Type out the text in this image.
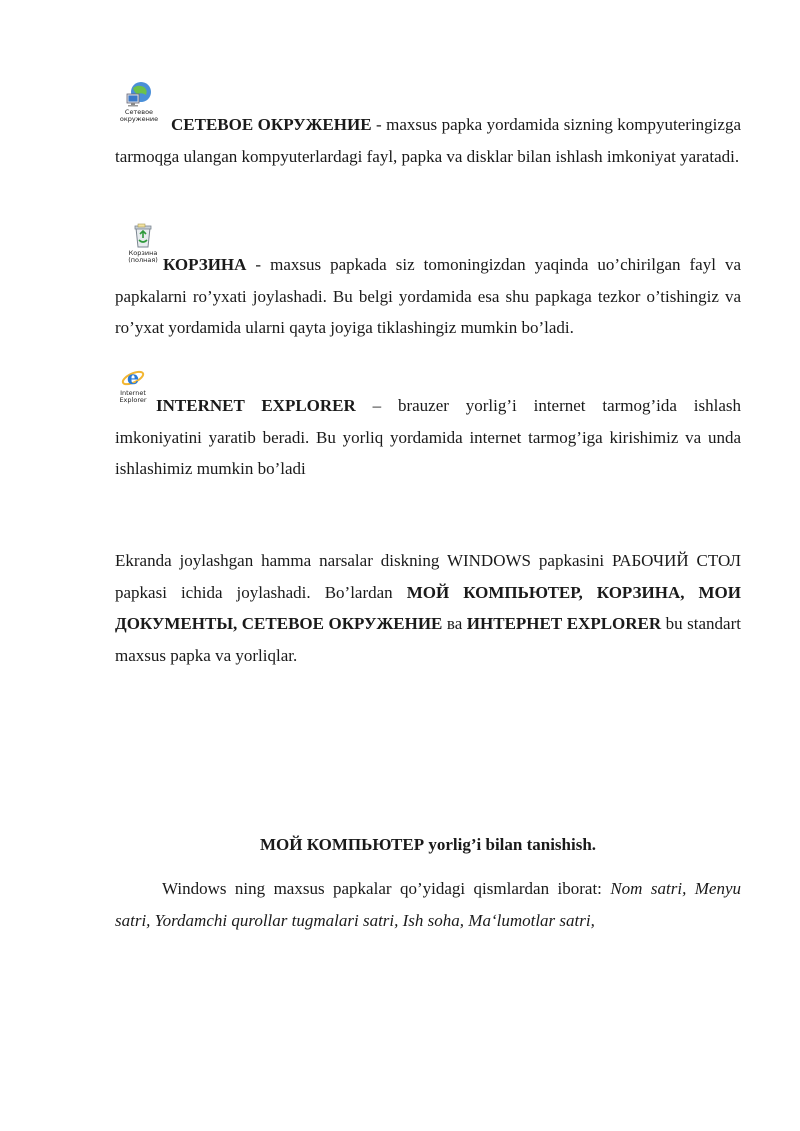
Сетевое
окружение СЕТЕВОЕ ОКРУЖЕНИЕ - maxsus papka yordamida sizning kompyuteringizga tarmoqga ulangan kompyuterlardagi fayl, papka va disklar bilan ishlash imkoniyat yaratadi.

Корзина
(полная) КОРЗИНА - maxsus papkada siz tomoningizdan yaqinda uo’chirilgan fayl va papkalarni ro’yxati joylashadi. Bu belgi yordamida esa shu papkaga tezkor o’tishingiz va ro’yxat yordamida ularni qayta joyiga tiklashingiz mumkin bo’ladi.

e
Internet
Explorer INTERNET EXPLORER – brauzer yorlig’i internet tarmog’ida ishlash imkoniyatini yaratib beradi. Bu yorliq yordamida internet tarmog’iga kirishimiz va unda ishlashimiz mumkin bo’ladi

Ekranda joylashgan hamma narsalar diskning WINDOWS papkasini РАБОЧИЙ СТОЛ papkasi ichida joylashadi. Bo’lardan МОЙ КОМПЬЮТЕР, КОРЗИНА, МОИ ДОКУМЕНТЫ, СЕТЕВОЕ ОКРУЖЕНИЕ ва ИНТЕРНЕТ EXPLORER bu standart maxsus papka va yorliqlar.

МОЙ КОМПЬЮТЕР yorlig’i bilan tanishish.

Windows ning maxsus papkalar qo’yidagi qismlardan iborat: Nom satri, Menyu satri, Yordamchi qurollar tugmalari satri, Ish soha, Ma‘lumotlar satri,
